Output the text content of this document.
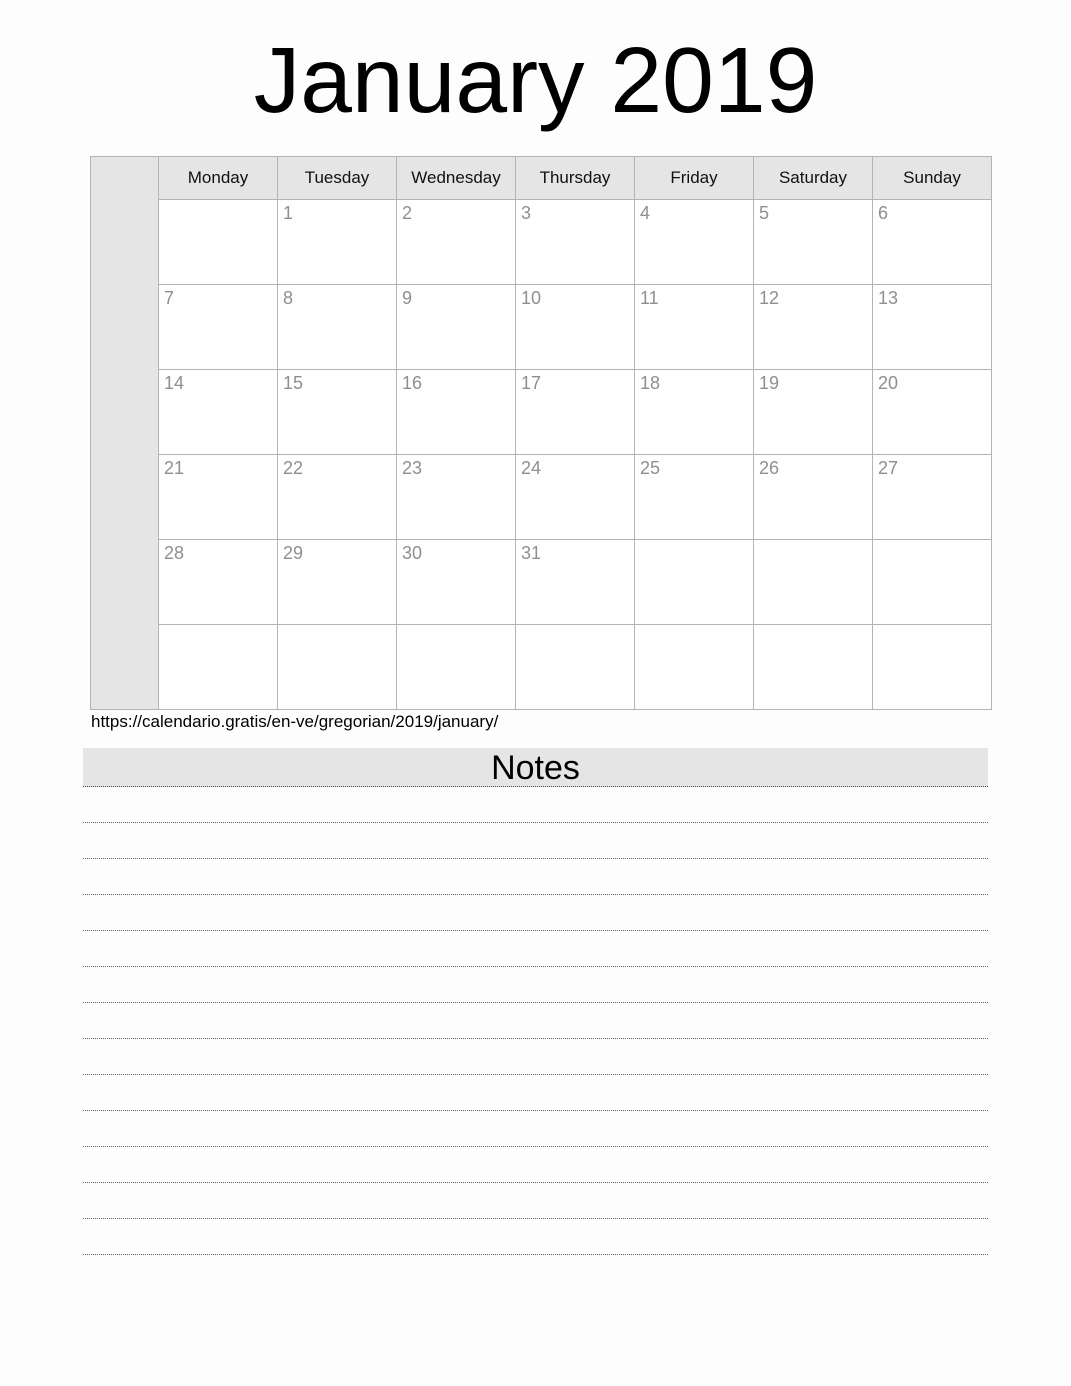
January 2019
	Monday	Tuesday	Wednesday	Thursday	Friday	Saturday	Sunday
		1	2	3	4	5	6
	7	8	9	10	11	12	13
	14	15	16	17	18	19	20
	21	22	23	24	25	26	27
	28	29	30	31			

https://calendario.gratis/en-ve/gregorian/2019/january/
Notes
